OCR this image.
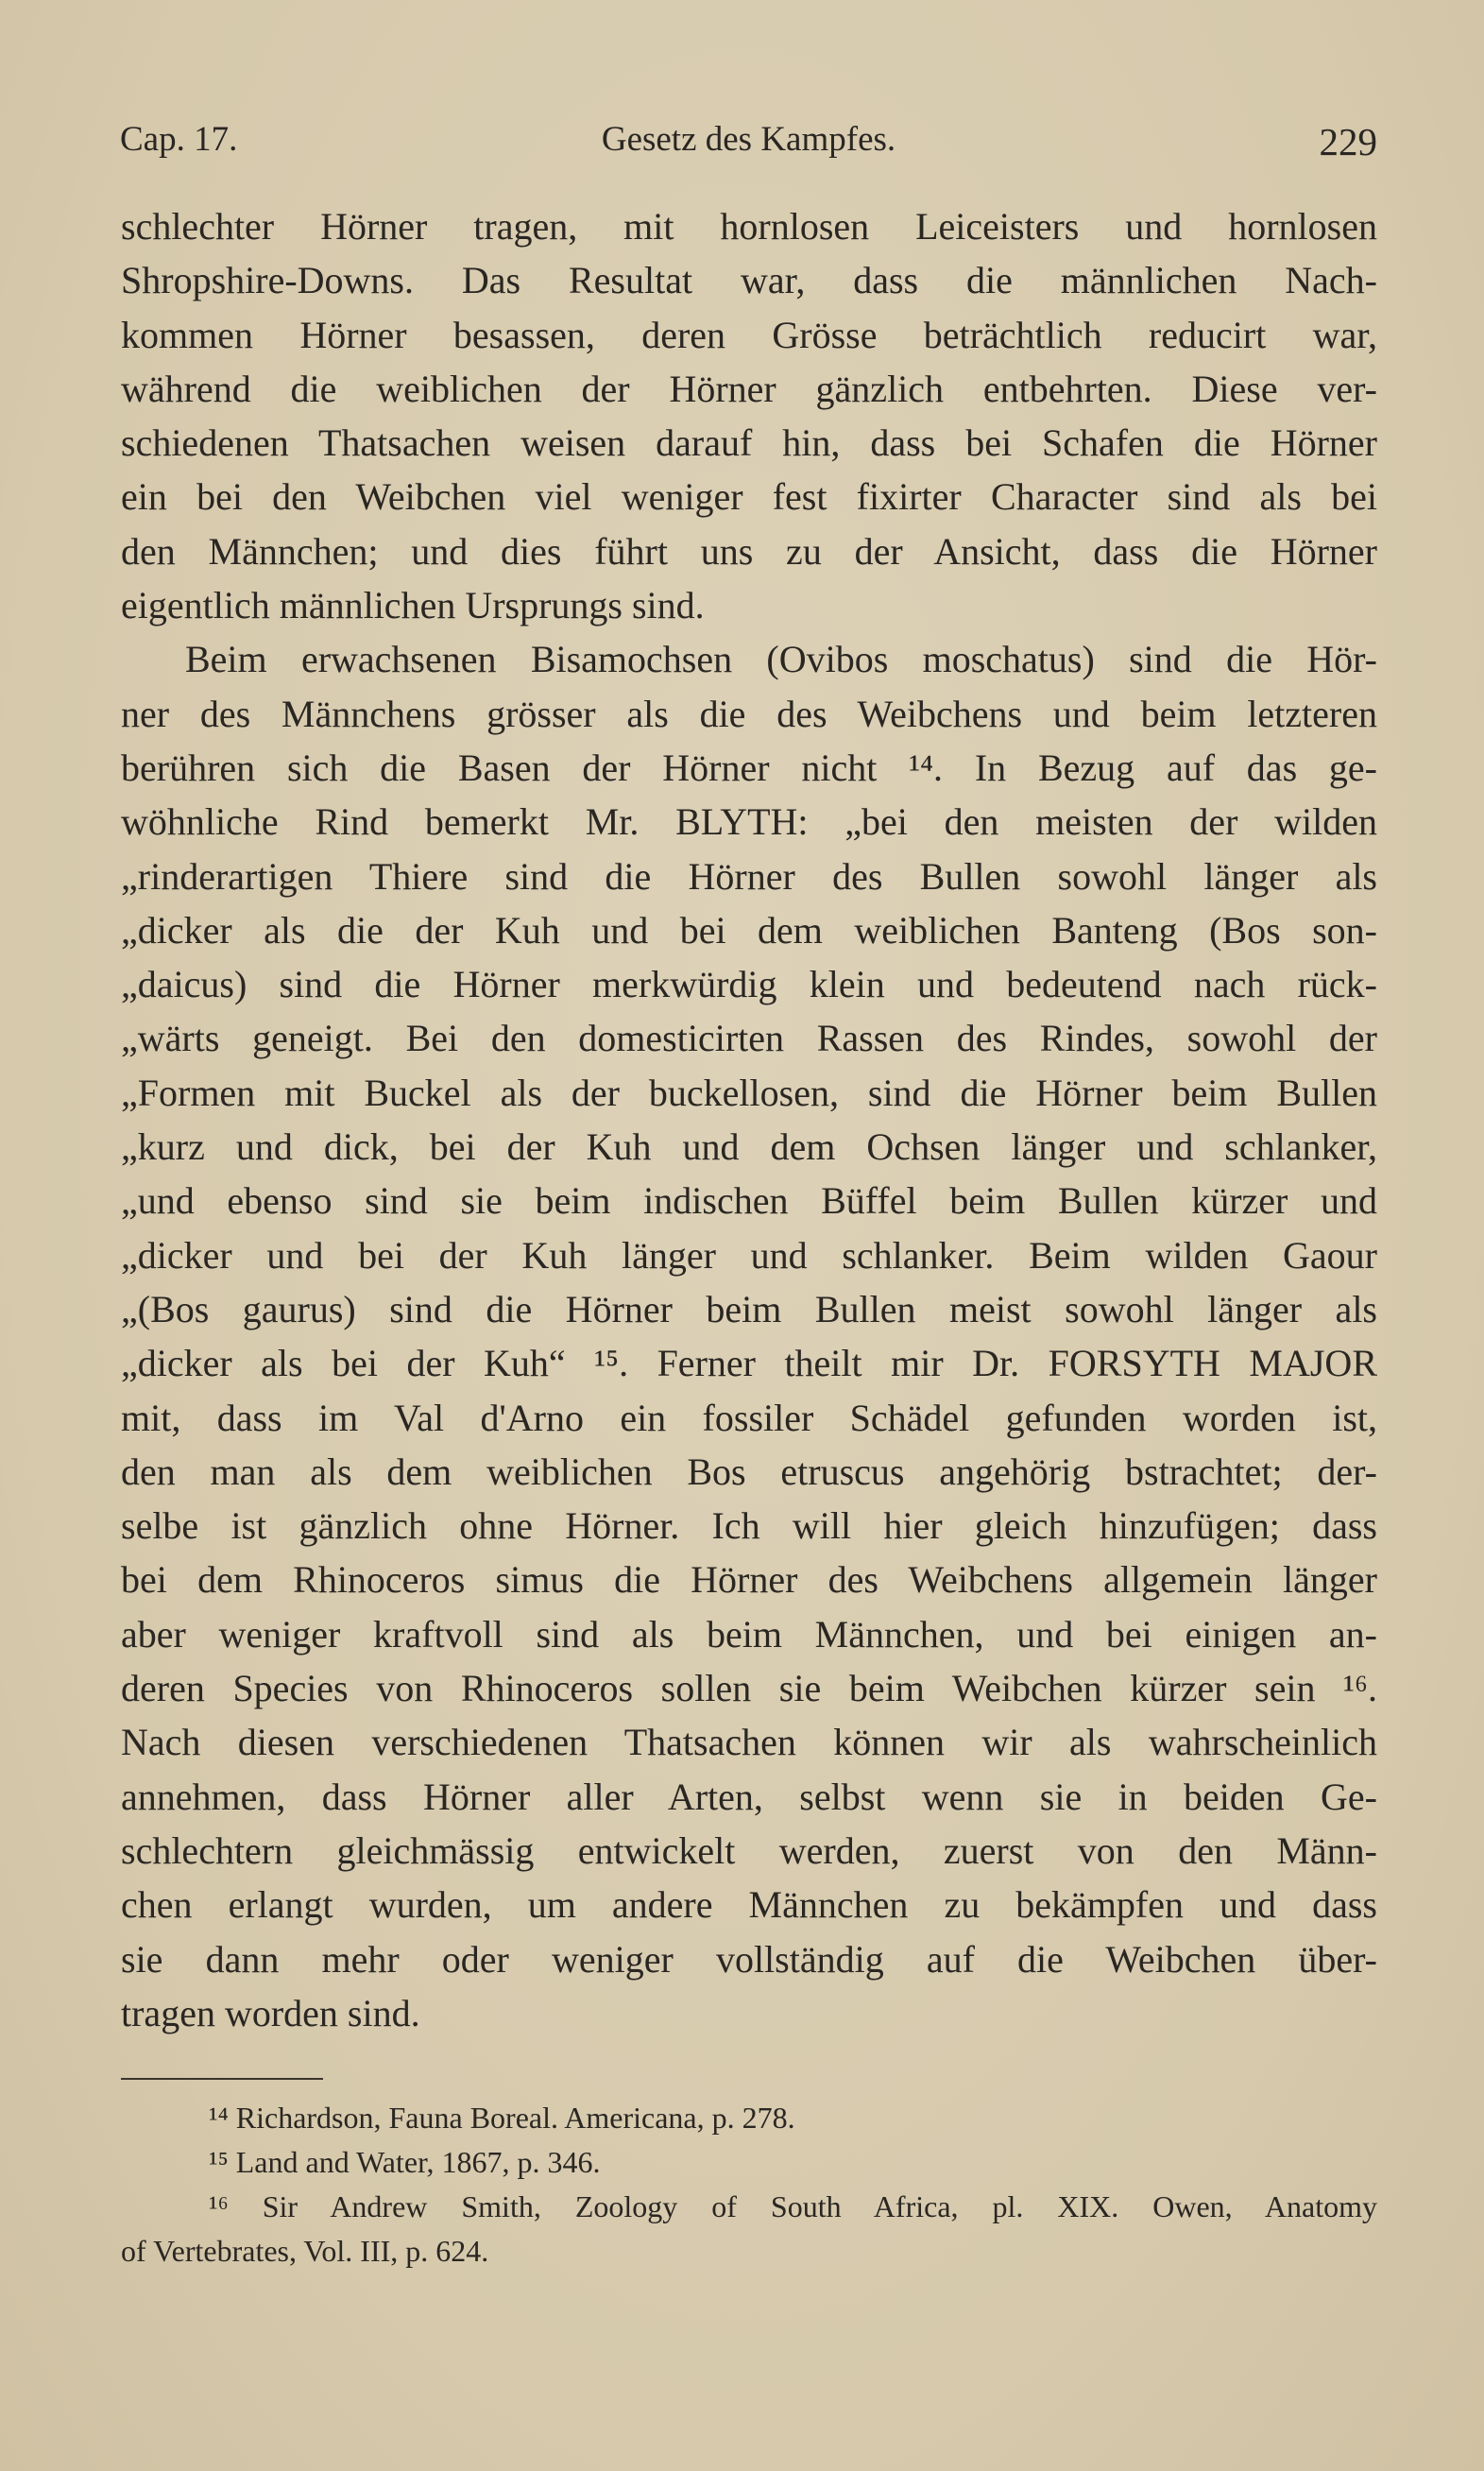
Cap. 17.	Gesetz des Kampfes.	229
schlechter Hörner tragen, mit hornlosen Leiceisters und hornlosen
Shropshire-Downs. Das Resultat war, dass die männlichen Nach-
kommen Hörner besassen, deren Grösse beträchtlich reducirt war,
während die weiblichen der Hörner gänzlich entbehrten. Diese ver-
schiedenen Thatsachen weisen darauf hin, dass bei Schafen die Hörner
ein bei den Weibchen viel weniger fest fixirter Character sind als bei
den Männchen; und dies führt uns zu der Ansicht, dass die Hörner
eigentlich männlichen Ursprungs sind.
Beim erwachsenen Bisamochsen (Ovibos moschatus) sind die Hör-
ner des Männchens grösser als die des Weibchens und beim letzteren
berühren sich die Basen der Hörner nicht ¹⁴. In Bezug auf das ge-
wöhnliche Rind bemerkt Mr. BLYTH: „bei den meisten der wilden
„rinderartigen Thiere sind die Hörner des Bullen sowohl länger als
„dicker als die der Kuh und bei dem weiblichen Banteng (Bos son-
„daicus) sind die Hörner merkwürdig klein und bedeutend nach rück-
„wärts geneigt. Bei den domesticirten Rassen des Rindes, sowohl der
„Formen mit Buckel als der buckellosen, sind die Hörner beim Bullen
„kurz und dick, bei der Kuh und dem Ochsen länger und schlanker,
„und ebenso sind sie beim indischen Büffel beim Bullen kürzer und
„dicker und bei der Kuh länger und schlanker. Beim wilden Gaour
„(Bos gaurus) sind die Hörner beim Bullen meist sowohl länger als
„dicker als bei der Kuh“ ¹⁵. Ferner theilt mir Dr. FORSYTH MAJOR
mit, dass im Val d'Arno ein fossiler Schädel gefunden worden ist,
den man als dem weiblichen Bos etruscus angehörig bstrachtet; der-
selbe ist gänzlich ohne Hörner. Ich will hier gleich hinzufügen; dass
bei dem Rhinoceros simus die Hörner des Weibchens allgemein länger
aber weniger kraftvoll sind als beim Männchen, und bei einigen an-
deren Species von Rhinoceros sollen sie beim Weibchen kürzer sein ¹⁶.
Nach diesen verschiedenen Thatsachen können wir als wahrscheinlich
annehmen, dass Hörner aller Arten, selbst wenn sie in beiden Ge-
schlechtern gleichmässig entwickelt werden, zuerst von den Männ-
chen erlangt wurden, um andere Männchen zu bekämpfen und dass
sie dann mehr oder weniger vollständig auf die Weibchen über-
tragen worden sind.
¹⁴ Richardson, Fauna Boreal. Americana, p. 278.
¹⁵ Land and Water, 1867, p. 346.
¹⁶ Sir Andrew Smith, Zoology of South Africa, pl. XIX. Owen, Anatomy
of Vertebrates, Vol. III, p. 624.
